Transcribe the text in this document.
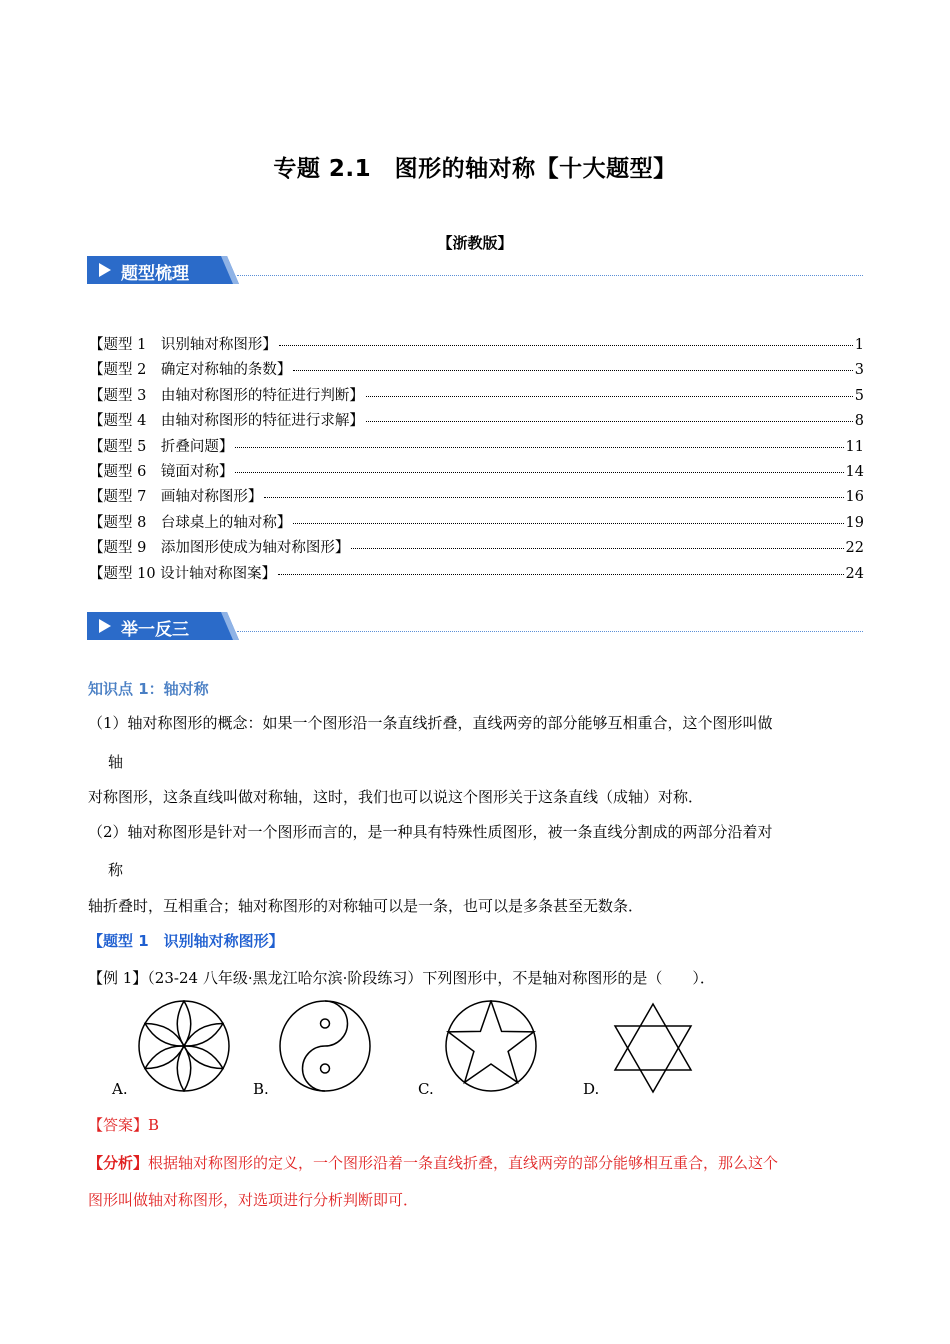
专题 2.1　图形的轴对称【十大题型】
【浙教版】
题型梳理
【题型 1　识别轴对称图形】	1
【题型 2　确定对称轴的条数】	3
【题型 3　由轴对称图形的特征进行判断】	5
【题型 4　由轴对称图形的特征进行求解】	8
【题型 5　折叠问题】	11
【题型 6　镜面对称】	14
【题型 7　画轴对称图形】	16
【题型 8　台球桌上的轴对称】	19
【题型 9　添加图形使成为轴对称图形】	22
【题型 10 设计轴对称图案】	24
举一反三
知识点 1：轴对称
（1）轴对称图形的概念：如果一个图形沿一条直线折叠，直线两旁的部分能够互相重合，这个图形叫做
轴
对称图形，这条直线叫做对称轴，这时，我们也可以说这个图形关于这条直线（成轴）对称．
（2）轴对称图形是针对一个图形而言的，是一种具有特殊性质图形，被一条直线分割成的两部分沿着对
称
轴折叠时，互相重合；轴对称图形的对称轴可以是一条，也可以是多条甚至无数条．
【题型 1　识别轴对称图形】
【例 1】（23-24 八年级·黑龙江哈尔滨·阶段练习）下列图形中，不是轴对称图形的是（　　）．
A.	B.	C.	D.
【答案】B
【分析】根据轴对称图形的定义，一个图形沿着一条直线折叠，直线两旁的部分能够相互重合，那么这个
图形叫做轴对称图形，对选项进行分析判断即可．
